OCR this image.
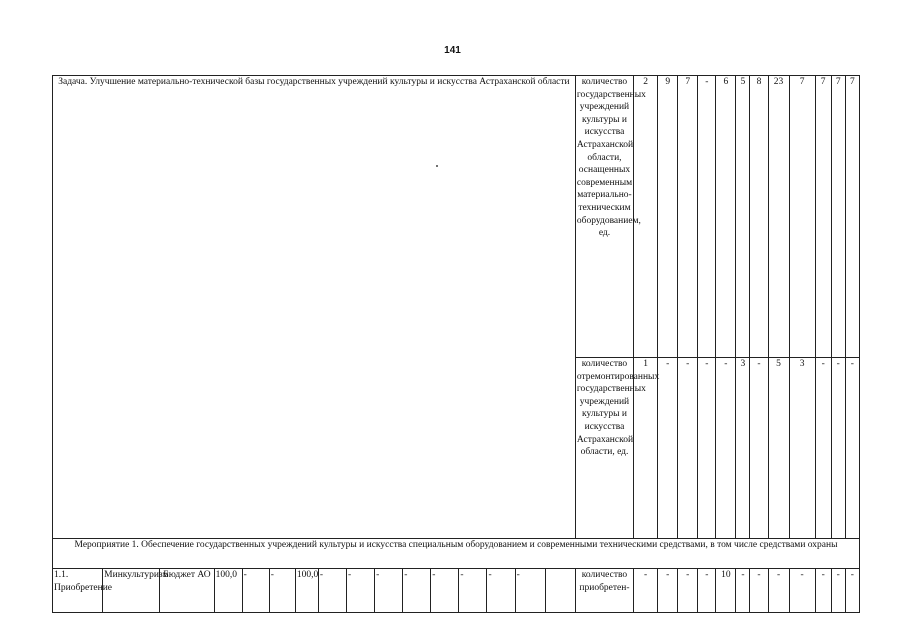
141
Задача. Улучшение материально-технической базы государственных учреждений культуры и искусства Астраханской области																количество государственных учреждений культуры и искусства Астраханской области, оснащенных современным материально-техническим оборудованием, ед.	2	9	7	-	6	5	8	23	7	7	7	7
																количество отремонтированных государственных учреждений культуры и искусства Астраханской области, ед.	1	-	-	-	-	3	-	5	3	-	-	-
Мероприятие 1. Обеспечение государственных учреждений культуры и искусства специальным оборудованием и современными техническими средствами, в том числе средствами охраны																												
1.1. Приобретение	Минкультуризм	Бюджет АО	100,0	-	-	100,0	-	-	-	-	-	-	-	-		количество приобретен-	-	-	-	-	10	-	-	-	-	-	-	-
